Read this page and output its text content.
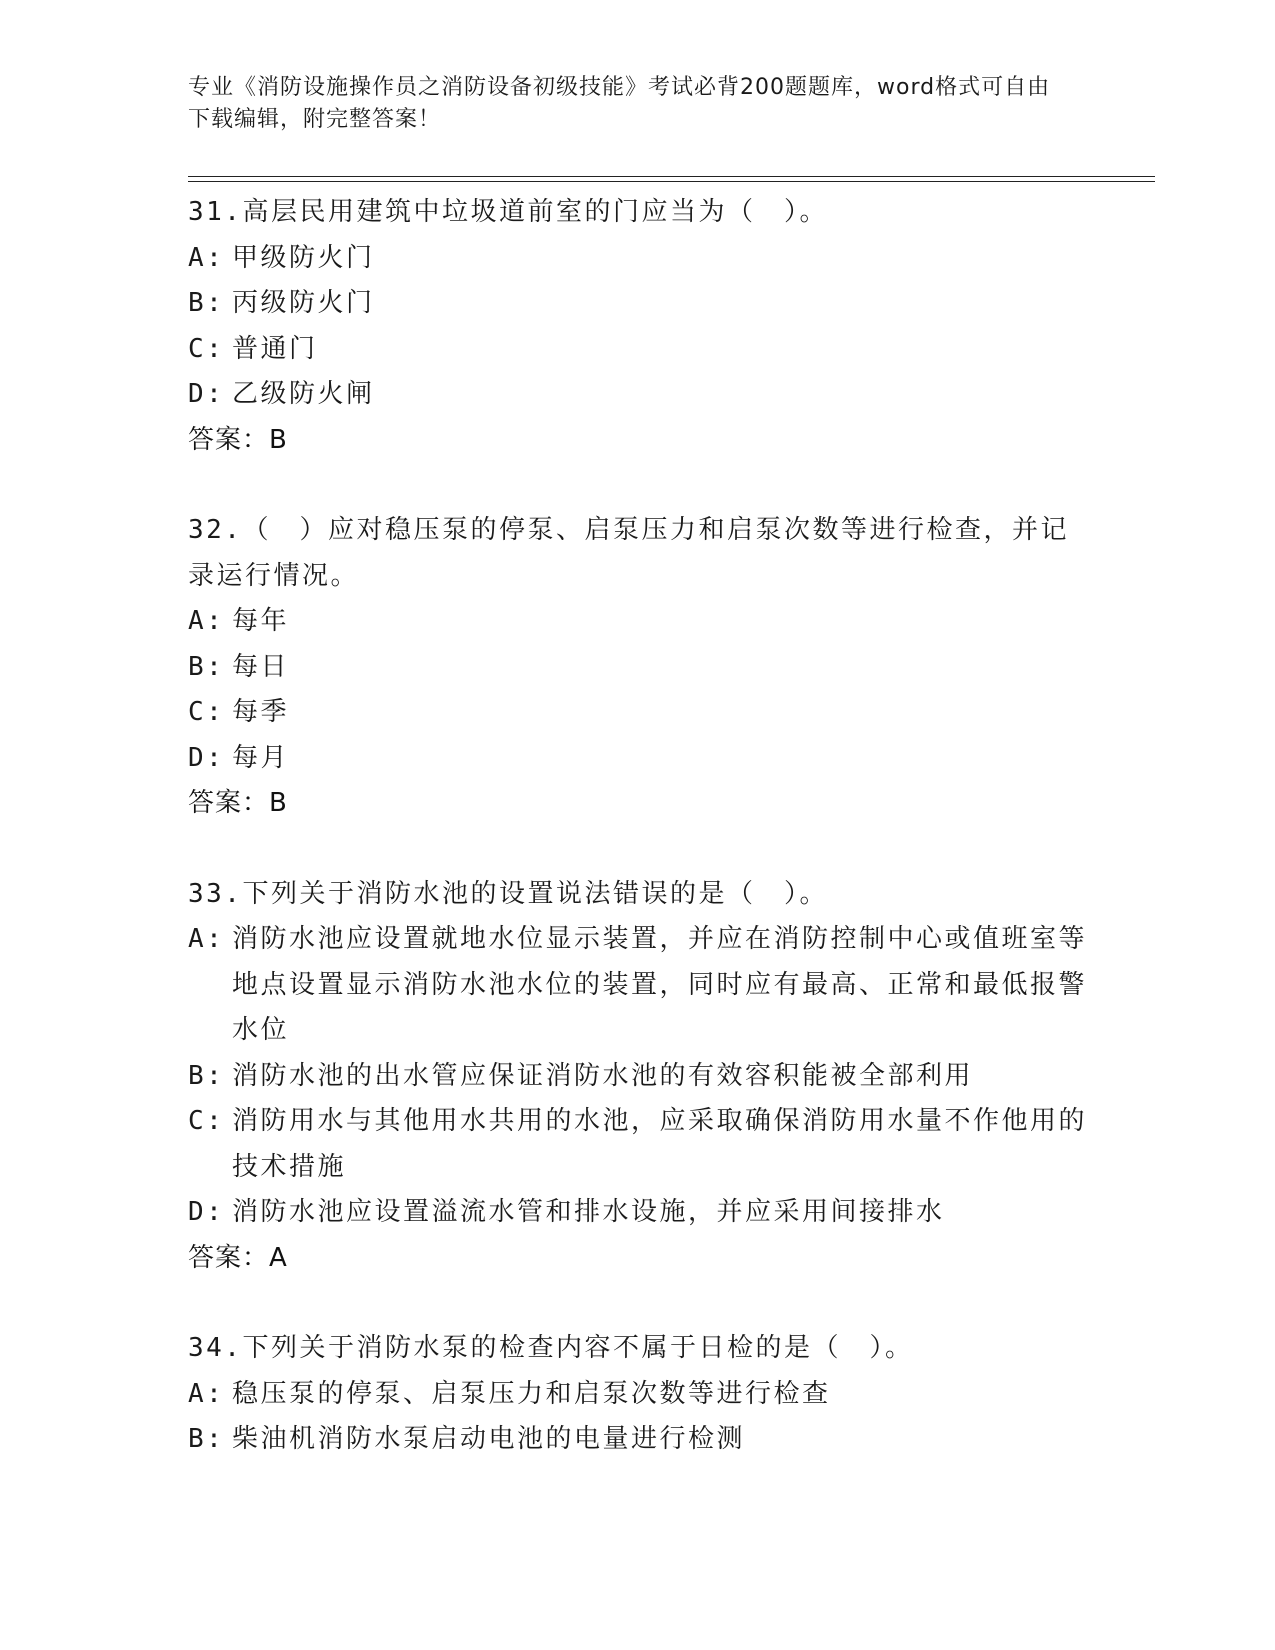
专业《消防设施操作员之消防设备初级技能》考试必背200题题库，word格式可自由下载编辑，附完整答案！
31.高层民用建筑中垃圾道前室的门应当为（　）。
A: 甲级防火门
B: 丙级防火门
C: 普通门
D: 乙级防火闸
答案：B
32.（　）应对稳压泵的停泵、启泵压力和启泵次数等进行检查，并记录运行情况。
A: 每年
B: 每日
C: 每季
D: 每月
答案：B
33.下列关于消防水池的设置说法错误的是（　）。
A: 消防水池应设置就地水位显示装置，并应在消防控制中心或值班室等地点设置显示消防水池水位的装置，同时应有最高、正常和最低报警水位
B: 消防水池的出水管应保证消防水池的有效容积能被全部利用
C: 消防用水与其他用水共用的水池，应采取确保消防用水量不作他用的技术措施
D: 消防水池应设置溢流水管和排水设施，并应采用间接排水
答案：A
34.下列关于消防水泵的检查内容不属于日检的是（　）。
A: 稳压泵的停泵、启泵压力和启泵次数等进行检查
B: 柴油机消防水泵启动电池的电量进行检测
